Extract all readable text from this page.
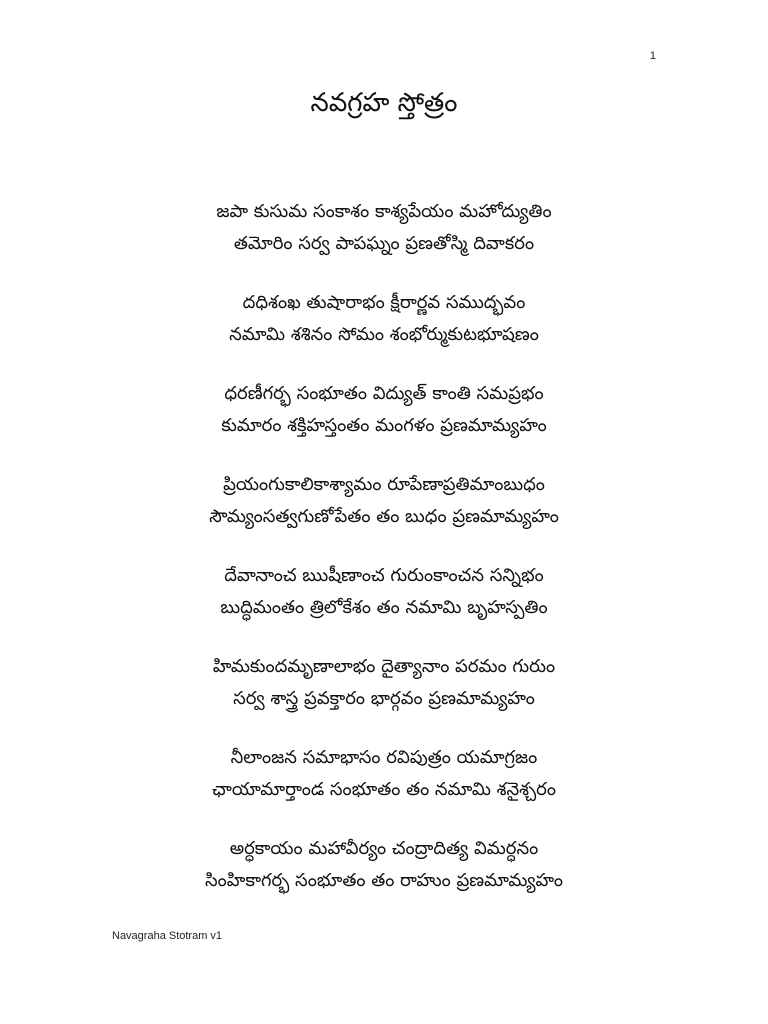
1
నవగ్రహ స్తోత్రం
జపా కుసుమ సంకాశం కాశ్యపేయం మహోద్యుతిం
తమోరిం సర్వ పాపఘ్నం ప్రణతోస్మి దివాకరం
దధిశంఖ తుషారాభం క్షీరార్ణవ సముద్భవం
నమామి శశినం సోమం శంభోర్ముకుటభూషణం
ధరణీగర్భ సంభూతం విద్యుత్ కాంతి సమప్రభం
కుమారం శక్తిహస్తంతం మంగళం ప్రణమామ్యహం
ప్రియంగుకాలికాశ్యామం రూపేణాప్రతిమాంబుధం
సౌమ్యంసత్వగుణోపేతం తం బుధం ప్రణమామ్యహం
దేవానాంచ ఋషీణాంచ గురుంకాంచన సన్నిభం
బుద్ధిమంతం త్రిలోకేశం తం నమామి బృహస్పతిం
హిమకుందమృణాలాభం దైత్యానాం పరమం గురుం
సర్వ శాస్త్ర ప్రవక్తారం భార్గవం ప్రణమామ్యహం
నీలాంజన సమాభాసం రవిపుత్రం యమాగ్రజం
ఛాయామార్తాండ సంభూతం తం నమామి శనైశ్చరం
అర్ధకాయం మహావీర్యం చంద్రాదిత్య విమర్ధనం
సింహికాగర్భ సంభూతం తం రాహుం ప్రణమామ్యహం
Navagraha Stotram v1
